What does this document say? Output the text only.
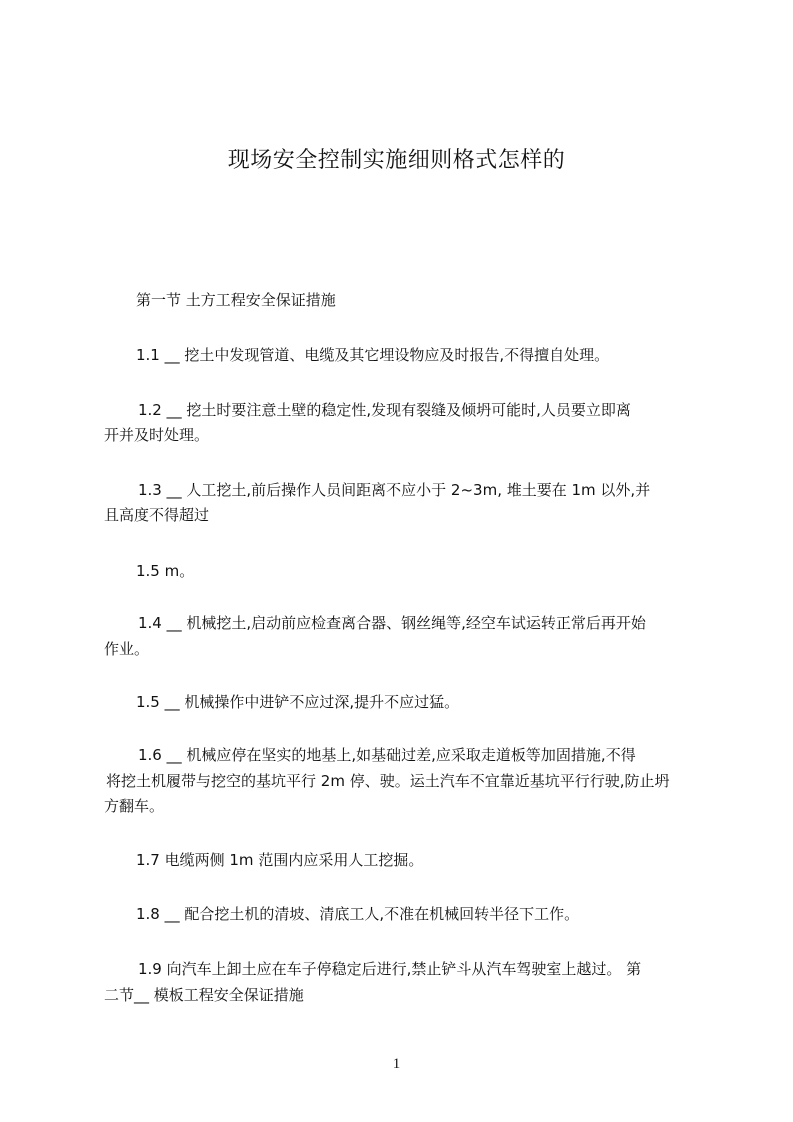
现场安全控制实施细则格式怎样的
第一节 土方工程安全保证措施
1.1 __ 挖土中发现管道、电缆及其它埋设物应及时报告,不得擅自处理。
1.2 __ 挖土时要注意土壁的稳定性,发现有裂缝及倾坍可能时,人员要立即离
开并及时处理。
1.3 __ 人工挖土,前后操作人员间距离不应小于 2~3m, 堆土要在 1m 以外,并
且高度不得超过
1.5 m。
1.4 __ 机械挖土,启动前应检查离合器、钢丝绳等,经空车试运转正常后再开始
作业。
1.5 __ 机械操作中进铲不应过深,提升不应过猛。
1.6 __ 机械应停在坚实的地基上,如基础过差,应采取走道板等加固措施,不得
将挖土机履带与挖空的基坑平行 2m 停、驶。运土汽车不宜靠近基坑平行行驶,防止坍
方翻车。
1.7 电缆两侧 1m 范围内应采用人工挖掘。
1.8 __ 配合挖土机的清坡、清底工人,不准在机械回转半径下工作。
1.9 向汽车上卸土应在车子停稳定后进行,禁止铲斗从汽车驾驶室上越过。 第
二节__ 模板工程安全保证措施
1
